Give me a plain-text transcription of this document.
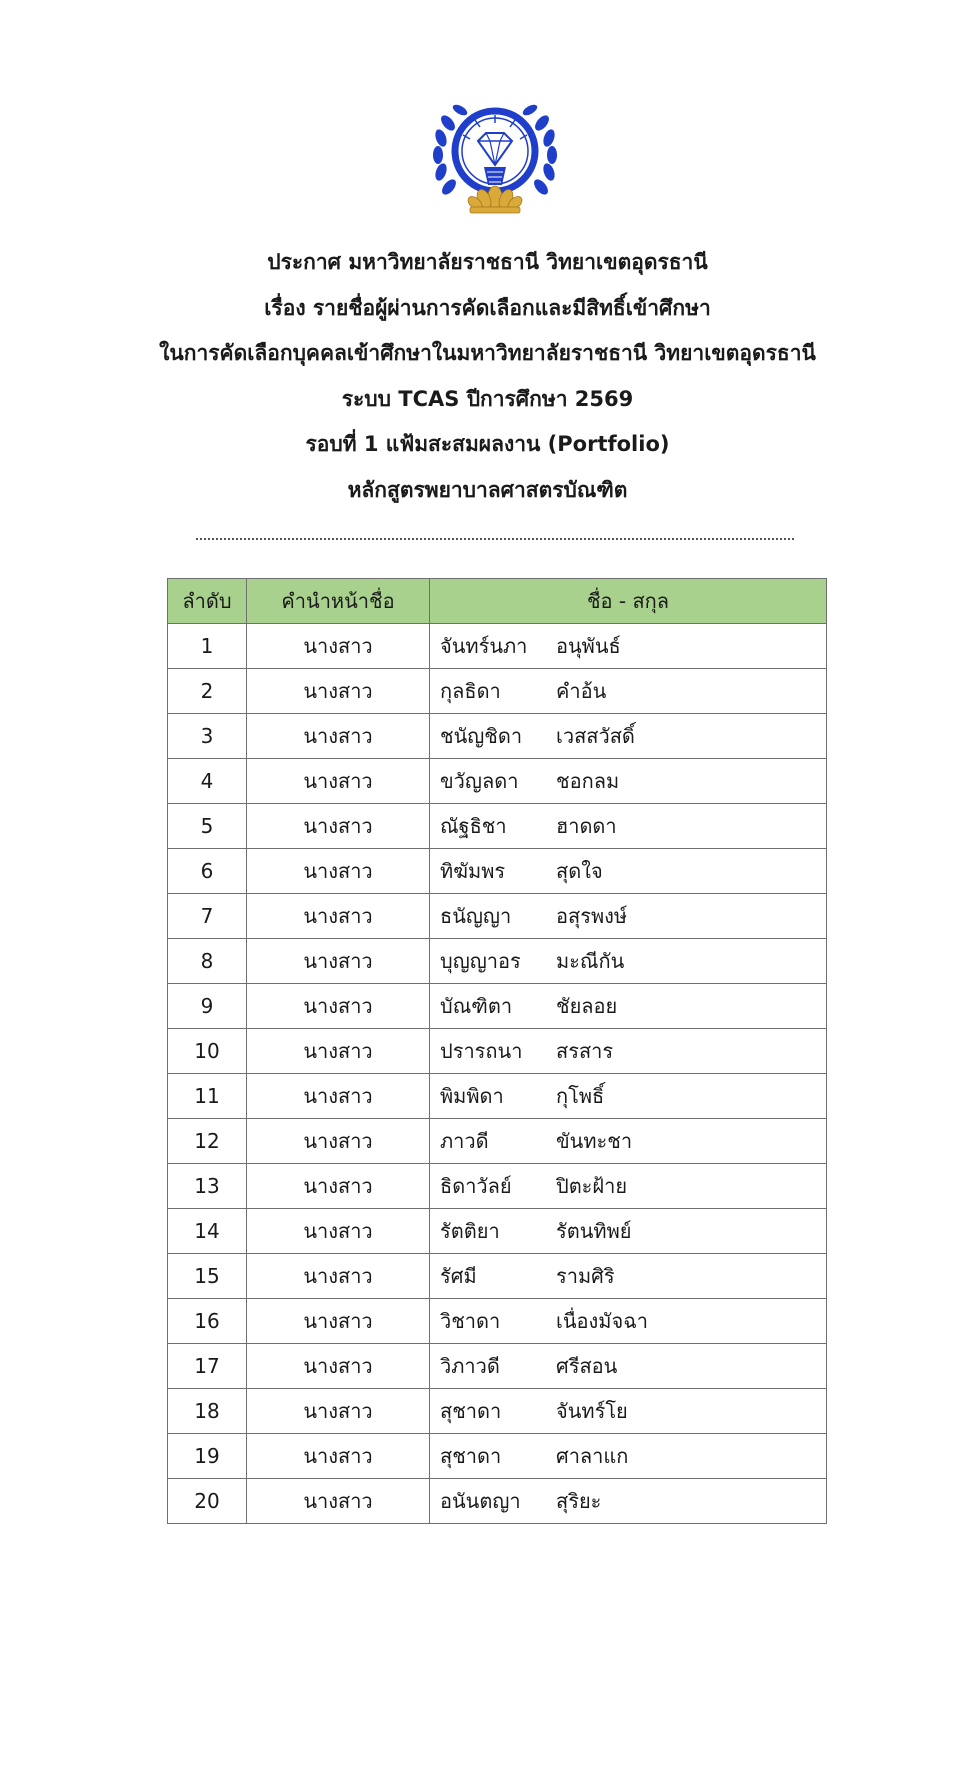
ประกาศ มหาวิทยาลัยราชธานี วิทยาเขตอุดรธานี
เรื่อง รายชื่อผู้ผ่านการคัดเลือกและมีสิทธิ์เข้าศึกษา
ในการคัดเลือกบุคคลเข้าศึกษาในมหาวิทยาลัยราชธานี วิทยาเขตอุดรธานี
ระบบ TCAS ปีการศึกษา 2569
รอบที่ 1 แฟ้มสะสมผลงาน (Portfolio)
หลักสูตรพยาบาลศาสตรบัณฑิต
ลำดับ	คำนำหน้าชื่อ	ชื่อ - สกุล
1	นางสาว	จันทร์นภา อนุพันธ์
2	นางสาว	กุลธิดา คำอ้น
3	นางสาว	ชนัญชิดา เวสสวัสดิ์
4	นางสาว	ขวัญลดา ชอกลม
5	นางสาว	ณัฐธิชา ฮาดดา
6	นางสาว	ทิฆัมพร สุดใจ
7	นางสาว	ธนัญญา อสุรพงษ์
8	นางสาว	บุญญาอร มะณีกัน
9	นางสาว	บัณฑิตา ชัยลอย
10	นางสาว	ปรารถนา สรสาร
11	นางสาว	พิมพิดา กุโพธิ์
12	นางสาว	ภาวดี ขันทะชา
13	นางสาว	ธิดาวัลย์ ปิตะฝ้าย
14	นางสาว	รัตติยา รัตนทิพย์
15	นางสาว	รัศมี รามศิริ
16	นางสาว	วิชาดา เนื่องมัจฉา
17	นางสาว	วิภาวดี ศรีสอน
18	นางสาว	สุชาดา จันทร์โย
19	นางสาว	สุชาดา ศาลาแก
20	นางสาว	อนันตญา สุริยะ
